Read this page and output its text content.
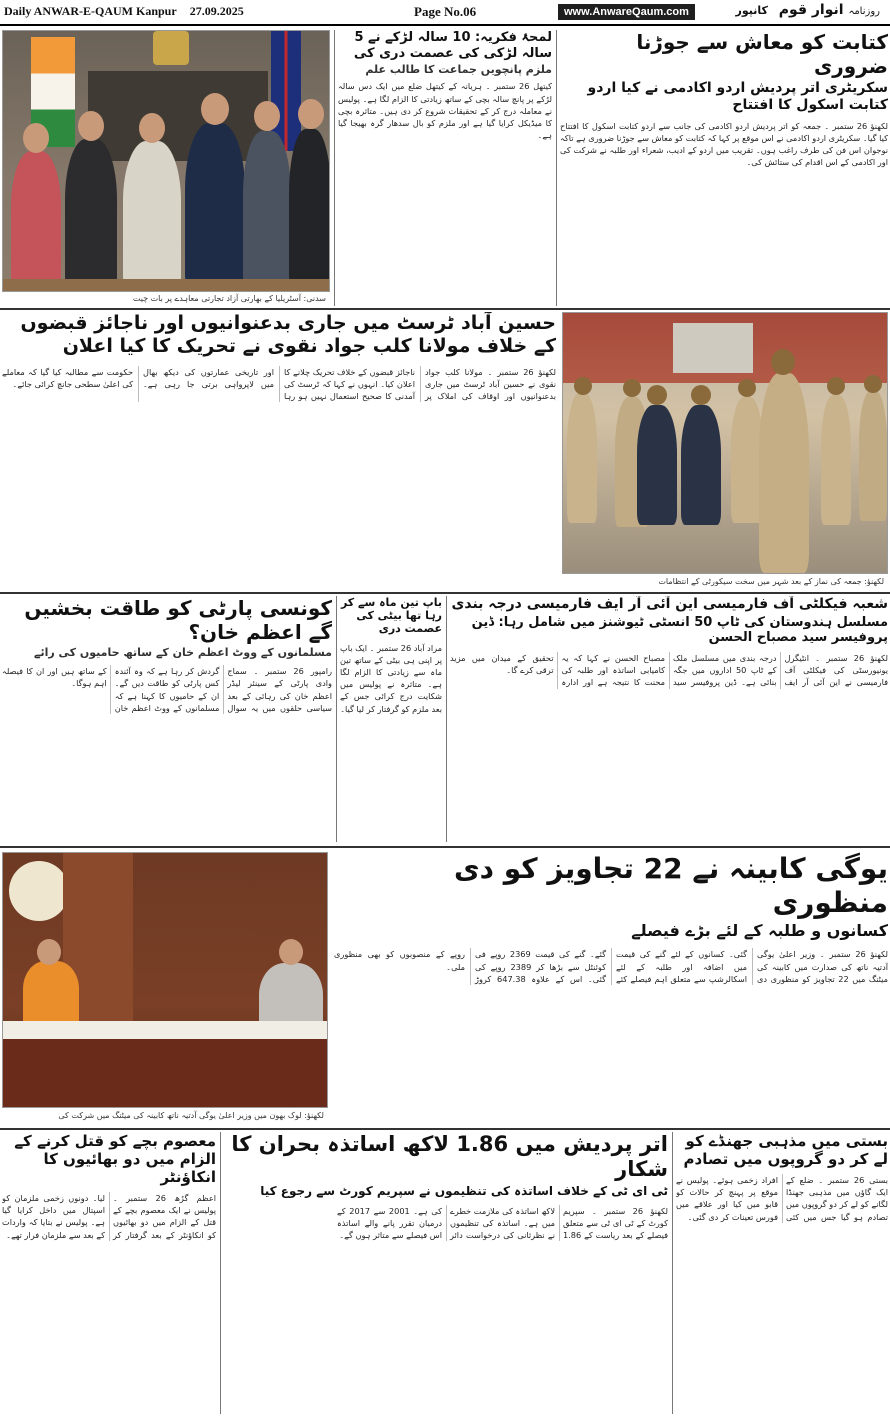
Daily ANWAR-E-QAUM Kanpur 27.09.2025	Page No.06	www.AnwareQaum.com	روزنامہ انوار قوم کانپور
سدنی: آسٹریلیا کے بھارتی آزاد تجارتی معاہدے پر بات چیت
لمحۂ فکریہ: 10 سالہ لڑکے نے 5 سالہ لڑکی کی عصمت دری کی
ملزم پانچویں جماعت کا طالب علم
کیتھل 26 ستمبر ۔ ہریانہ کے کیتھل ضلع میں ایک دس سالہ لڑکے پر پانچ سالہ بچی کے ساتھ زیادتی کا الزام لگا ہے۔ پولیس نے معاملہ درج کر کے تحقیقات شروع کر دی ہیں۔ متاثرہ بچی کا میڈیکل کرایا گیا ہے اور ملزم کو بال سدھار گرہ بھیجا گیا ہے۔
کتابت کو معاش سے جوڑنا ضروری
سکریٹری اتر پردیش اردو اکادمی نے کیا اردو کتابت اسکول کا افتتاح
لکھنؤ 26 ستمبر ۔ جمعہ کو اتر پردیش اردو اکادمی کی جانب سے اردو کتابت اسکول کا افتتاح کیا گیا۔ سکریٹری اردو اکادمی نے اس موقع پر کہا کہ کتابت کو معاش سے جوڑنا ضروری ہے تاکہ نوجوان اس فن کی طرف راغب ہوں۔ تقریب میں اردو کے ادیب، شعراء اور طلبہ نے شرکت کی اور اکادمی کے اس اقدام کی ستائش کی۔
حسین آباد ٹرسٹ میں جاری بدعنوانیوں اور ناجائز قبضوں کے خلاف مولانا کلب جواد نقوی نے تحریک کا کیا اعلان
لکھنؤ 26 ستمبر ۔ مولانا کلب جواد نقوی نے حسین آباد ٹرسٹ میں جاری بدعنوانیوں اور اوقاف کی املاک پر ناجائز قبضوں کے خلاف تحریک چلانے کا اعلان کیا۔ انہوں نے کہا کہ ٹرسٹ کی آمدنی کا صحیح استعمال نہیں ہو رہا اور تاریخی عمارتوں کی دیکھ بھال میں لاپرواہی برتی جا رہی ہے۔ حکومت سے مطالبہ کیا گیا کہ معاملے کی اعلیٰ سطحی جانچ کرائی جائے۔
لکھنؤ: جمعہ کی نماز کے بعد شہر میں سخت سیکورٹی کے انتظامات
کونسی پارٹی کو طاقت بخشیں گے اعظم خان؟
مسلمانوں کے ووٹ اعظم خان کے ساتھ حامیوں کی رائے
رامپور 26 ستمبر ۔ سماج وادی پارٹی کے سینئر لیڈر اعظم خان کی رہائی کے بعد سیاسی حلقوں میں یہ سوال گردش کر رہا ہے کہ وہ آئندہ کس پارٹی کو طاقت دیں گے۔ ان کے حامیوں کا کہنا ہے کہ مسلمانوں کے ووٹ اعظم خان کے ساتھ ہیں اور ان کا فیصلہ اہم ہوگا۔
باپ تین ماہ سے کر رہا تھا بیٹی کی عصمت دری
مراد آباد 26 ستمبر ۔ ایک باپ پر اپنی ہی بیٹی کے ساتھ تین ماہ سے زیادتی کا الزام لگا ہے۔ متاثرہ نے پولیس میں شکایت درج کرائی جس کے بعد ملزم کو گرفتار کر لیا گیا۔
شعبہ فیکلٹی آف فارمیسی این آئی آر ایف فارمیسی درجہ بندی
مسلسل ہندوستان کی ٹاپ 50 انسٹی ٹیوشنز میں شامل رہا: ڈین پروفیسر سید مصباح الحسن
لکھنؤ 26 ستمبر ۔ انٹیگرل یونیورسٹی کی فیکلٹی آف فارمیسی نے این آئی آر ایف درجہ بندی میں مسلسل ملک کے ٹاپ 50 اداروں میں جگہ بنائی ہے۔ ڈین پروفیسر سید مصباح الحسن نے کہا کہ یہ کامیابی اساتذہ اور طلبہ کی محنت کا نتیجہ ہے اور ادارہ تحقیق کے میدان میں مزید ترقی کرے گا۔
لکھنؤ: لوک بھون میں وزیر اعلیٰ یوگی آدتیہ ناتھ کابینہ کی میٹنگ میں شرکت کی
یوگی کابینہ نے 22 تجاویز کو دی منظوری
کسانوں و طلبہ کے لئے بڑے فیصلے
لکھنؤ 26 ستمبر ۔ وزیر اعلیٰ یوگی آدتیہ ناتھ کی صدارت میں کابینہ کی میٹنگ میں 22 تجاویز کو منظوری دی گئی۔ کسانوں کے لئے گنے کی قیمت میں اضافہ اور طلبہ کے لئے اسکالرشپ سے متعلق اہم فیصلے کئے گئے۔ گنے کی قیمت 2369 روپے فی کوئنٹل سے بڑھا کر 2389 روپے کی گئی۔ اس کے علاوہ 647.38 کروڑ روپے کے منصوبوں کو بھی منظوری ملی۔
معصوم بچے کو قتل کرنے کے الزام میں دو بھائیوں کا انکاؤنٹر
اعظم گڑھ 26 ستمبر ۔ پولیس نے ایک معصوم بچے کے قتل کے الزام میں دو بھائیوں کو انکاؤنٹر کے بعد گرفتار کر لیا۔ دونوں زخمی ملزمان کو اسپتال میں داخل کرایا گیا ہے۔ پولیس نے بتایا کہ واردات کے بعد سے ملزمان فرار تھے۔
اتر پردیش میں 1.86 لاکھ اساتذہ بحران کا شکار
ٹی ای ٹی کے خلاف اساتذہ کی تنظیموں نے سپریم کورٹ سے رجوع کیا
لکھنؤ 26 ستمبر ۔ سپریم کورٹ کے ٹی ای ٹی سے متعلق فیصلے کے بعد ریاست کے 1.86 لاکھ اساتذہ کی ملازمت خطرے میں ہے۔ اساتذہ کی تنظیموں نے نظرثانی کی درخواست دائر کی ہے۔ 2001 سے 2017 کے درمیان تقرر پانے والے اساتذہ اس فیصلے سے متاثر ہوں گے۔
بستی میں مذہبی جھنڈے کو لے کر دو گروپوں میں تصادم
بستی 26 ستمبر ۔ ضلع کے ایک گاؤں میں مذہبی جھنڈا لگانے کو لے کر دو گروپوں میں تصادم ہو گیا جس میں کئی افراد زخمی ہوئے۔ پولیس نے موقع پر پہنچ کر حالات کو قابو میں کیا اور علاقے میں فورس تعینات کر دی گئی۔
